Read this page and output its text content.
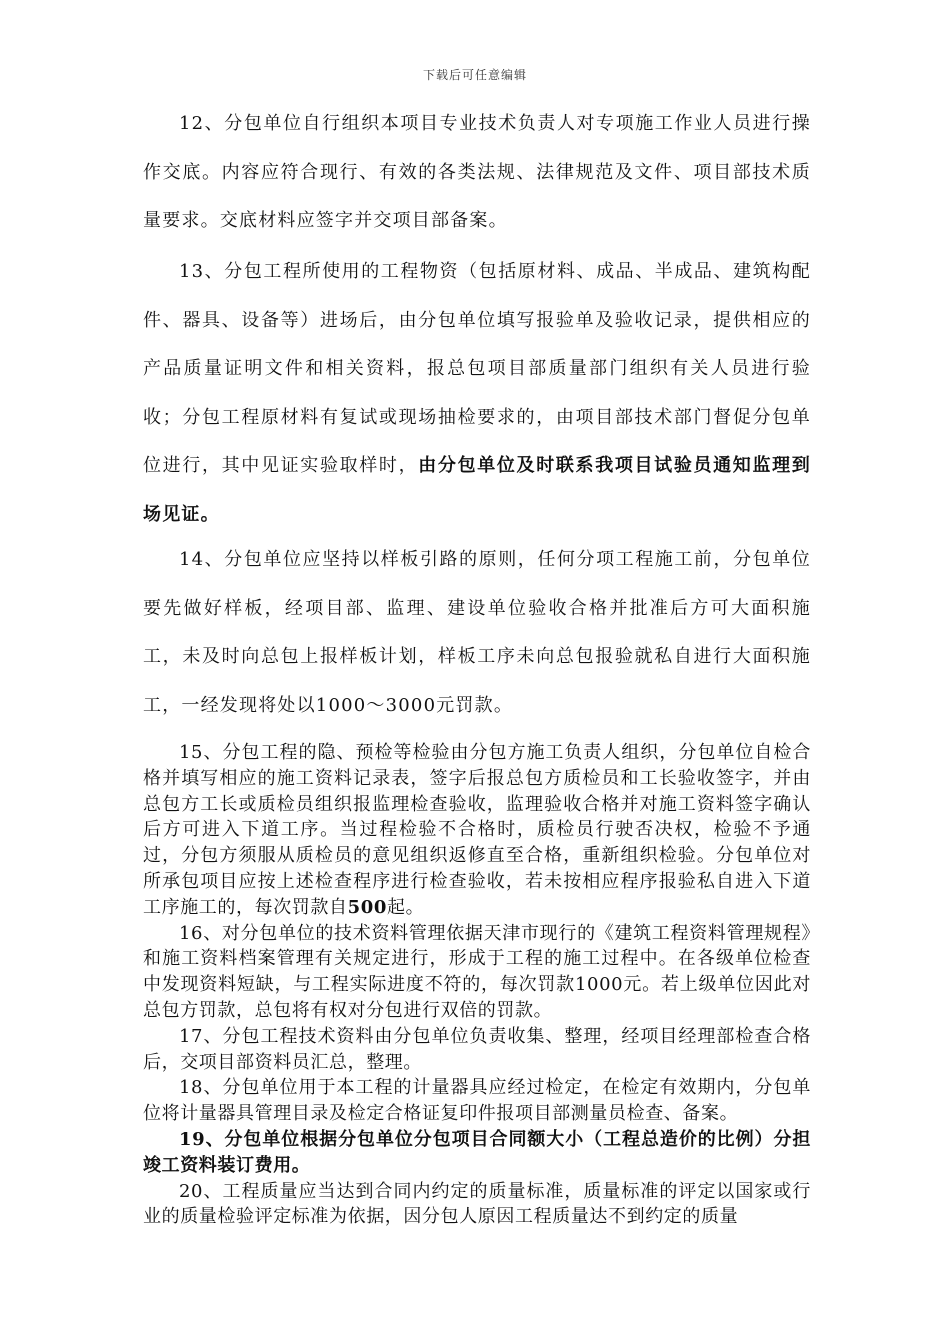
下载后可任意编辑

12、分包单位自行组织本项目专业技术负责人对专项施工作业人员进行操作交底。内容应符合现行、有效的各类法规、法律规范及文件、项目部技术质量要求。交底材料应签字并交项目部备案。

13、分包工程所使用的工程物资（包括原材料、成品、半成品、建筑构配件、器具、设备等）进场后，由分包单位填写报验单及验收记录，提供相应的产品质量证明文件和相关资料，报总包项目部质量部门组织有关人员进行验收；分包工程原材料有复试或现场抽检要求的，由项目部技术部门督促分包单位进行，其中见证实验取样时，由分包单位及时联系我项目试验员通知监理到场见证。

14、分包单位应坚持以样板引路的原则，任何分项工程施工前，分包单位要先做好样板，经项目部、监理、建设单位验收合格并批准后方可大面积施工，未及时向总包上报样板计划，样板工序未向总包报验就私自进行大面积施工，一经发现将处以1000～3000元罚款。

15、分包工程的隐、预检等检验由分包方施工负责人组织，分包单位自检合格并填写相应的施工资料记录表，签字后报总包方质检员和工长验收签字，并由总包方工长或质检员组织报监理检查验收，监理验收合格并对施工资料签字确认后方可进入下道工序。当过程检验不合格时，质检员行驶否决权，检验不予通过，分包方须服从质检员的意见组织返修直至合格，重新组织检验。分包单位对所承包项目应按上述检查程序进行检查验收，若未按相应程序报验私自进入下道工序施工的，每次罚款自500起。

16、对分包单位的技术资料管理依据天津市现行的《建筑工程资料管理规程》和施工资料档案管理有关规定进行，形成于工程的施工过程中。在各级单位检查中发现资料短缺，与工程实际进度不符的，每次罚款1000元。若上级单位因此对总包方罚款，总包将有权对分包进行双倍的罚款。

17、分包工程技术资料由分包单位负责收集、整理，经项目经理部检查合格后，交项目部资料员汇总，整理。

18、分包单位用于本工程的计量器具应经过检定，在检定有效期内，分包单位将计量器具管理目录及检定合格证复印件报项目部测量员检查、备案。

19、分包单位根据分包单位分包项目合同额大小（工程总造价的比例）分担竣工资料装订费用。

20、工程质量应当达到合同内约定的质量标准，质量标准的评定以国家或行业的质量检验评定标准为依据，因分包人原因工程质量达不到约定的质量
